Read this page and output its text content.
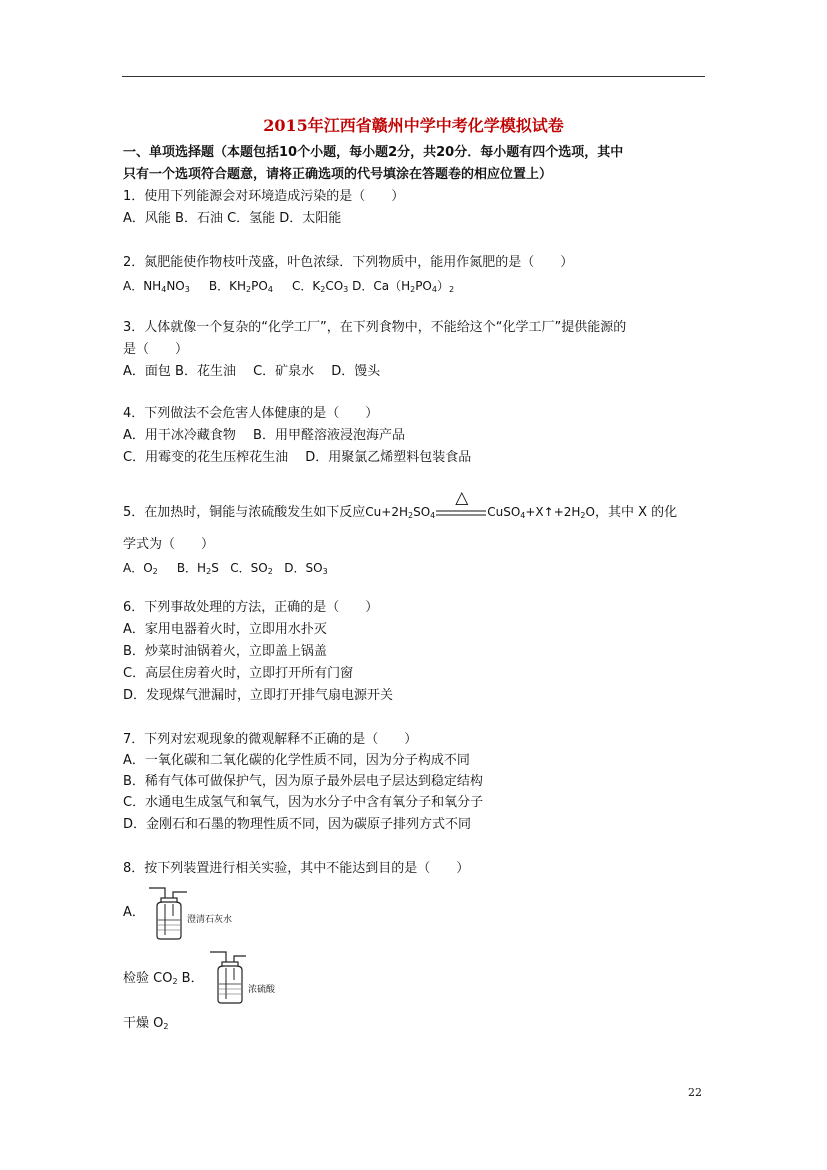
2015年江西省赣州中学中考化学模拟试卷
一、单项选择题（本题包括10个小题，每小题2分，共20分．每小题有四个选项，其中
只有一个选项符合题意，请将正确选项的代号填涂在答题卷的相应位置上）
1．使用下列能源会对环境造成污染的是（　　）
A．风能 B．石油 C．氢能 D．太阳能
2．氮肥能使作物枝叶茂盛，叶色浓绿．下列物质中，能用作氮肥的是（　　）
A．$NH_4NO_3$ B．$KH_2PO_4$ C．$K_2CO_3$ D．$Ca(H_2PO_4)_2$
3．人体就像一个复杂的“化学工厂”，在下列食物中，不能给这个“化学工厂”提供能源的
是（　　）
A．面包 B．花生油　 C．矿泉水　 D．馒头
4．下列做法不会危害人体健康的是（　　）
A．用干冰冷藏食物　 B．用甲醛溶液浸泡海产品
C．用霉变的花生压榨花生油　 D．用聚氯乙烯塑料包装食品
5．在加热时，铜能与浓硫酸发生如下反应$Cu+2H_2SO_4$
△
$CuSO_4+X↑+2H_2O$，其中 X 的化
学式为（　　）
A．$O_2$ B．$H_2S$ C．$SO_2$ D．$SO_3$
6．下列事故处理的方法，正确的是（　　）
A．家用电器着火时，立即用水扑灭
B．炒菜时油锅着火，立即盖上锅盖
C．高层住房着火时，立即打开所有门窗
D．发现煤气泄漏时，立即打开排气扇电源开关
7．下列对宏观现象的微观解释不正确的是（　　）
A．一氧化碳和二氧化碳的化学性质不同，因为分子构成不同
B．稀有气体可做保护气，因为原子最外层电子层达到稳定结构
C．水通电生成氢气和氧气，因为水分子中含有氧分子和氧分子
D．金刚石和石墨的物理性质不同，因为碳原子排列方式不同
8．按下列装置进行相关实验，其中不能达到目的是（　　）
A．	澄清石灰水
检验 $CO_2$ B．
浓硫酸
干燥 $O_2$
22
